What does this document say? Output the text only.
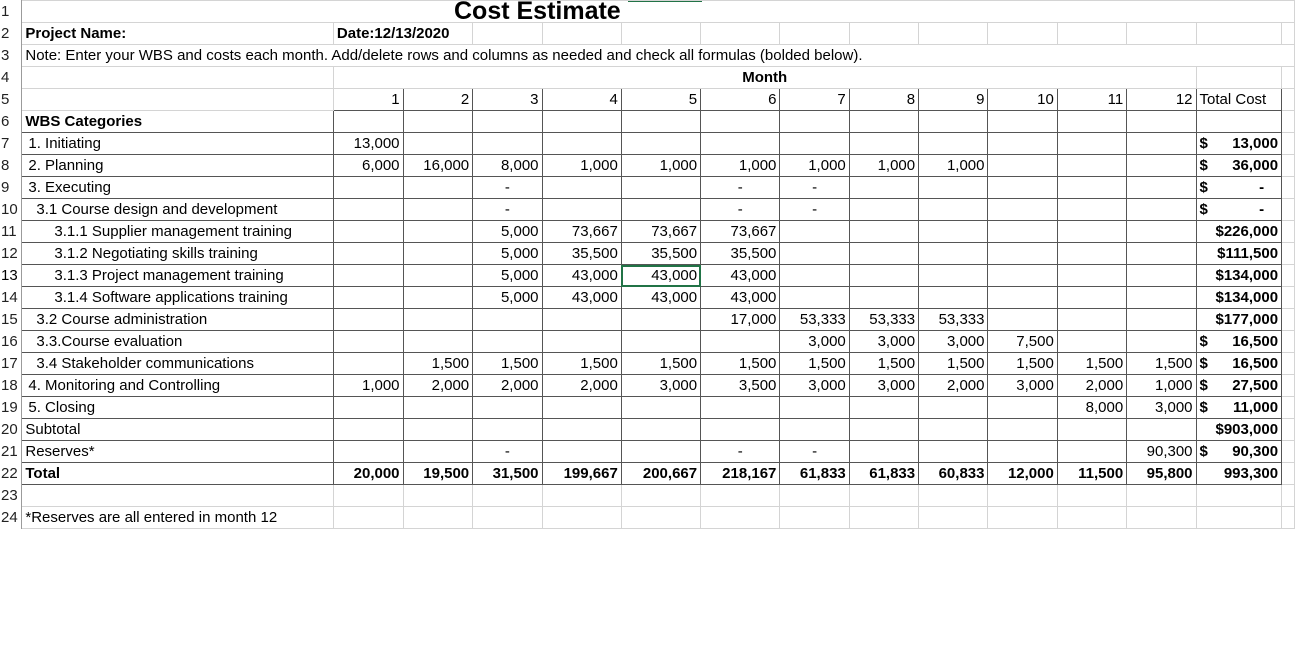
1	Cost Estimate														

2	Project Name:	Date:12/13/2020													
3	Note: Enter your WBS and costs each month. Add/delete rows and columns as needed and check all formulas (bolded below).														
4		Month													
5		1	2	3	4	5	6	7	8	9	10	11	12	Total Cost	
6	WBS Categories														
7	1. Initiating	13,000												$ 13,000	

8	2. Planning	6,000	16,000	8,000	1,000	1,000	1,000	1,000	1,000	1,000				$ 36,000	

9	3. Executing			-			-	-						$ -	

10	3.1 Course design and development			-			-	-						$ -	

11	3.1.1 Supplier management training			5,000	73,667	73,667	73,667							$226,000	
12	3.1.2 Negotiating skills training			5,000	35,500	35,500	35,500							$111,500	
13	3.1.3 Project management training			5,000	43,000	43,000	43,000							$134,000	
14	3.1.4 Software applications training			5,000	43,000	43,000	43,000							$134,000	
15	3.2 Course administration						17,000	53,333	53,333	53,333				$177,000	
16	3.3.Course evaluation							3,000	3,000	3,000	7,500			$ 16,500	

17	3.4 Stakeholder communications		1,500	1,500	1,500	1,500	1,500	1,500	1,500	1,500	1,500	1,500	1,500	$ 16,500	

18	4. Monitoring and Controlling	1,000	2,000	2,000	2,000	3,000	3,500	3,000	3,000	2,000	3,000	2,000	1,000	$ 27,500	

19	5. Closing											8,000	3,000	$ 11,000	

20	Subtotal													$903,000	
21	Reserves*			-			-	-					90,300	$ 90,300	

22	Total	20,000	19,500	31,500	199,667	200,667	218,167	61,833	61,833	60,833	12,000	11,500	95,800	993,300	
23															
24	*Reserves are all entered in month 12														
